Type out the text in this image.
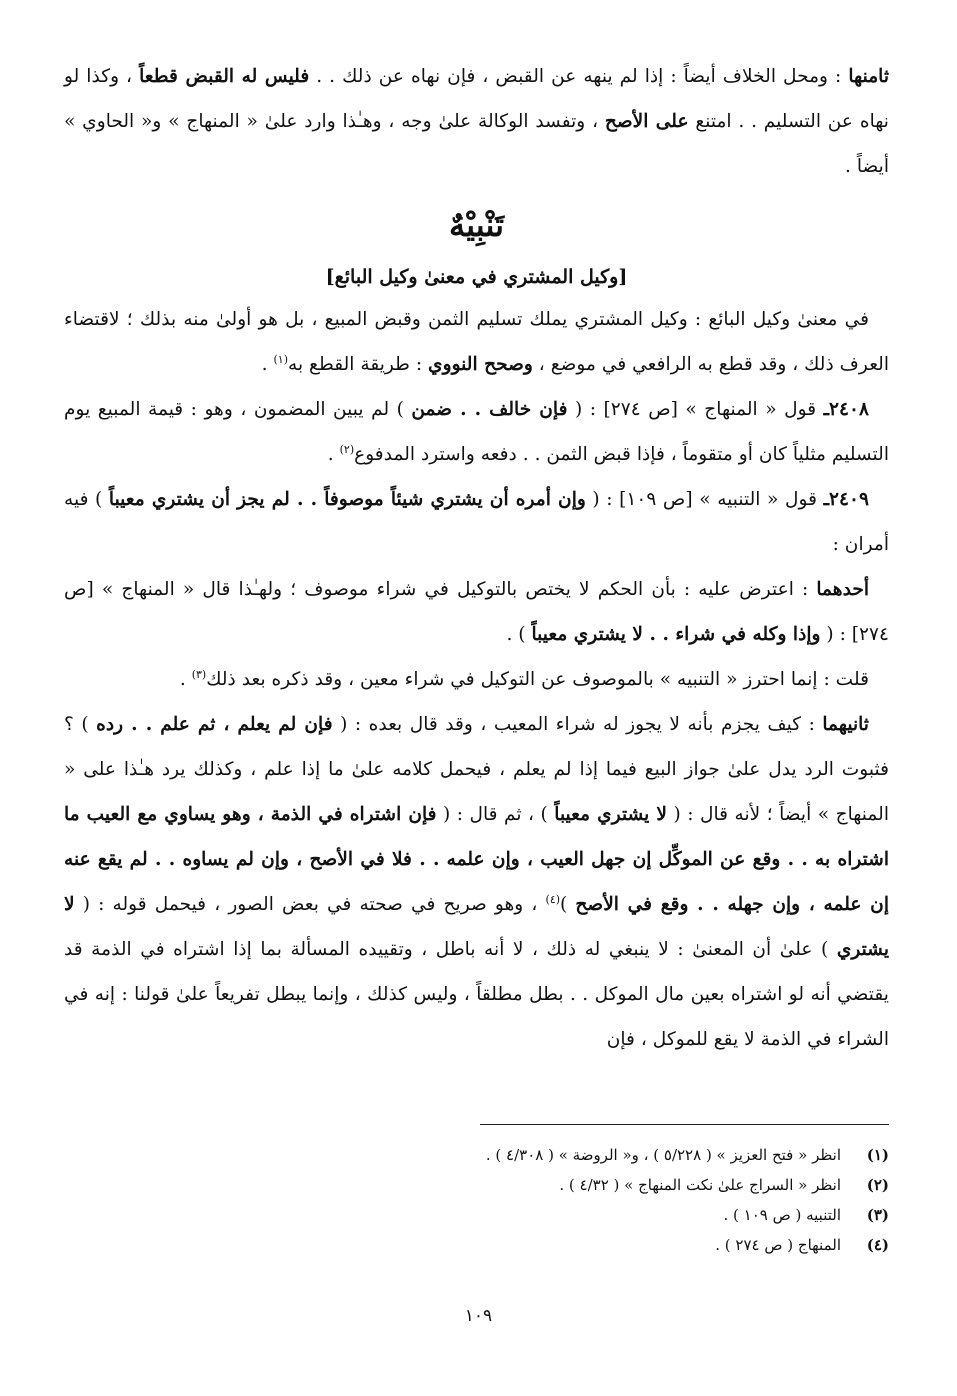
ثامنها : ومحل الخلاف أيضاً : إذا لم ينهه عن القبض ، فإن نهاه عن ذلك . . فليس له القبض قطعاً ، وكذا لو نهاه عن التسليم . . امتنع على الأصح ، وتفسد الوكالة علىٰ وجه ، وهـٰذا وارد علىٰ « المنهاج » و« الحاوي » أيضاً .

تَنْبِيْهٌ
[وكيل المشتري في معنىٰ وكيل البائع]

في معنىٰ وكيل البائع : وكيل المشتري يملك تسليم الثمن وقبض المبيع ، بل هو أولىٰ منه بذلك ؛ لاقتضاء العرف ذلك ، وقد قطع به الرافعي في موضع ، وصحح النووي : طريقة القطع به$^{(١)}$ .

٢٤٠٨ـ قول « المنهاج » [ص ٢٧٤] : ( فإن خالف . . ضمن ) لم يبين المضمون ، وهو : قيمة المبيع يوم التسليم مثلياً كان أو متقوماً ، فإذا قبض الثمن . . دفعه واسترد المدفوع$^{(٢)}$ .

٢٤٠٩ـ قول « التنبيه » [ص ١٠٩] : ( وإن أمره أن يشتري شيئاً موصوفاً . . لم يجز أن يشتري معيباً ) فيه أمران :

أحدهما : اعترض عليه : بأن الحكم لا يختص بالتوكيل في شراء موصوف ؛ ولهـٰذا قال « المنهاج » [ص ٢٧٤] : ( وإذا وكله في شراء . . لا يشتري معيباً ) .

قلت : إنما احترز « التنبيه » بالموصوف عن التوكيل في شراء معين ، وقد ذكره بعد ذلك$^{(٣)}$ .

ثانيهما : كيف يجزم بأنه لا يجوز له شراء المعيب ، وقد قال بعده : ( فإن لم يعلم ، ثم علم . . رده ) ؟ فثبوت الرد يدل علىٰ جواز البيع فيما إذا لم يعلم ، فيحمل كلامه علىٰ ما إذا علم ، وكذلك يرد هـٰذا على « المنهاج » أيضاً ؛ لأنه قال : ( لا يشتري معيباً ) ، ثم قال : ( فإن اشتراه في الذمة ، وهو يساوي مع العيب ما اشتراه به . . وقع عن الموكِّل إن جهل العيب ، وإن علمه . . فلا في الأصح ، وإن لم يساوه . . لم يقع عنه إن علمه ، وإن جهله . . وقع في الأصح )$^{(٤)}$ ، وهو صريح في صحته في بعض الصور ، فيحمل قوله : ( لا يشتري ) علىٰ أن المعنىٰ : لا ينبغي له ذلك ، لا أنه باطل ، وتقييده المسألة بما إذا اشتراه في الذمة قد يقتضي أنه لو اشتراه بعين مال الموكل . . بطل مطلقاً ، وليس كذلك ، وإنما يبطل تفريعاً علىٰ قولنا : إنه في الشراء في الذمة لا يقع للموكل ، فإن

(١)
انظر « فتح العزيز » ( ٥/٢٢٨ ) ، و« الروضة » ( ٤/٣٠٨ ) .
(٢)
انظر « السراج علىٰ نكت المنهاج » ( ٤/٣٢ ) .
(٣)
التنبيه ( ص ١٠٩ ) .
(٤)
المنهاج ( ص ٢٧٤ ) .
١٠٩
